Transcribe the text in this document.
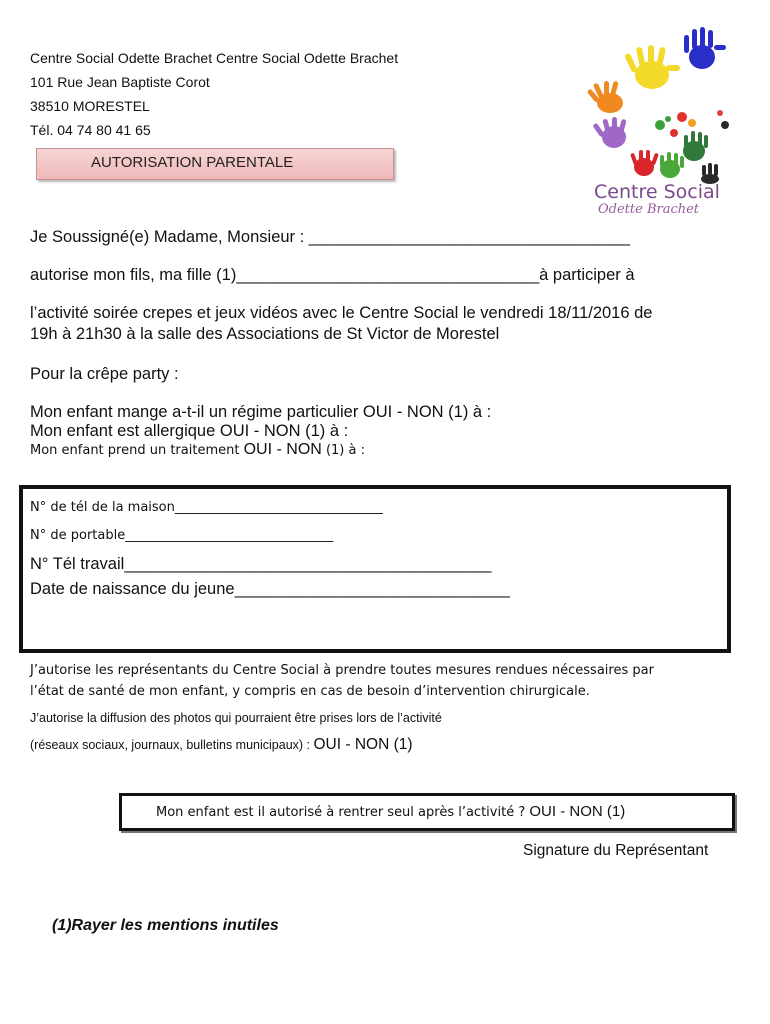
Centre Social Odette Brachet Centre Social Odette Brachet
101 Rue Jean Baptiste Corot
38510 MORESTEL
Tél. 04 74 80 41 65
AUTORISATION PARENTALE
Centre Social
Odette Brachet
Je Soussigné(e) Madame, Monsieur : ___________________________________
autorise mon fils, ma fille (1)_________________________________à participer à
l’activité soirée crepes et jeux vidéos avec le Centre Social le vendredi 18/11/2016 de
19h à 21h30 à la salle des Associations de St Victor de Morestel
Pour la crêpe party :
Mon enfant mange a-t-il un régime particulier OUI - NON (1) à :
Mon enfant est allergique OUI - NON (1) à :
Mon enfant prend un traitement OUI - NON (1) à :
N° de tél de la maison________________________________
N° de portable________________________________
N° Tél travail________________________________________
Date de naissance du jeune______________________________
J’autorise les représentants du Centre Social à prendre toutes mesures rendues nécessaires par
l’état de santé de mon enfant, y compris en cas de besoin d’intervention chirurgicale.
J’autorise la diffusion des photos qui pourraient être prises lors de l’activité
(réseaux sociaux, journaux, bulletins municipaux) : OUI - NON (1)
Mon enfant est il autorisé à rentrer seul après l’activité ? OUI - NON (1)
Signature du Représentant
(1)Rayer les mentions inutiles
